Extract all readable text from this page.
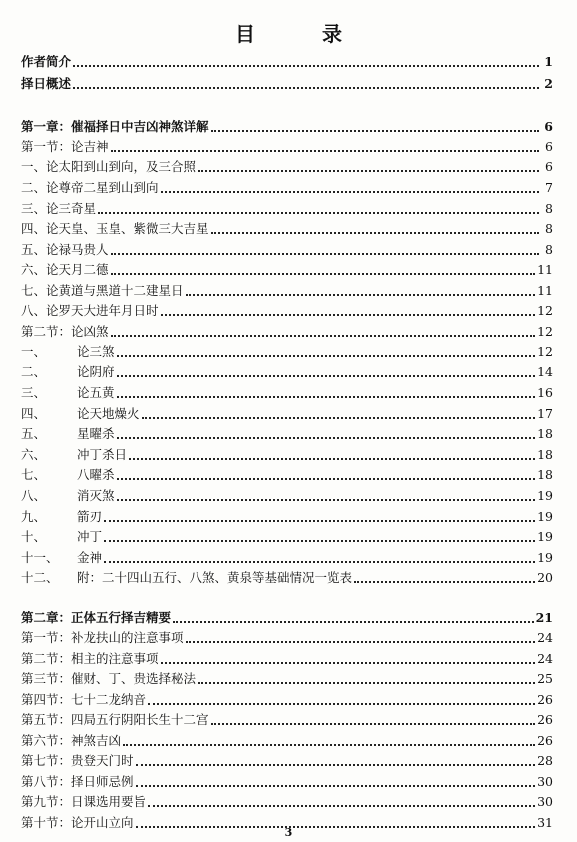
目 录
作者简介	1
择日概述	2
第一章：催福择日中吉凶神煞详解	6
第一节：论吉神	6
一、论太阳到山到向，及三合照	6
二、论尊帝二星到山到向	7
三、论三奇星	8
四、论天皇、玉皇、紫微三大吉星	8
五、论禄马贵人	8
六、论天月二德	11
七、论黄道与黑道十二建星日	11
八、论罗天大进年月日时	12
第二节：论凶煞	12
一、	论三煞	12
二、	论阴府	14
三、	论五黄	16
四、	论天地燥火	17
五、	星曜杀	18
六、	冲丁杀日	18
七、	八曜杀	18
八、	消灭煞	19
九、	箭刃	19
十、	冲丁	19
十一、	金神	19
十二、	附：二十四山五行、八煞、黄泉等基础情况一览表	20
第二章：正体五行择吉精要	21
第一节： 补龙扶山的注意事项	24
第二节： 相主的注意事项	24
第三节： 催财、丁、贵选择秘法	25
第四节： 七十二龙纳音	26
第五节： 四局五行阴阳长生十二宫	26
第六节： 神煞吉凶	26
第七节： 贵登天门时	28
第八节： 择日师忌例	30
第九节： 日课选用要旨	30
第十节： 论开山立向	31
3
